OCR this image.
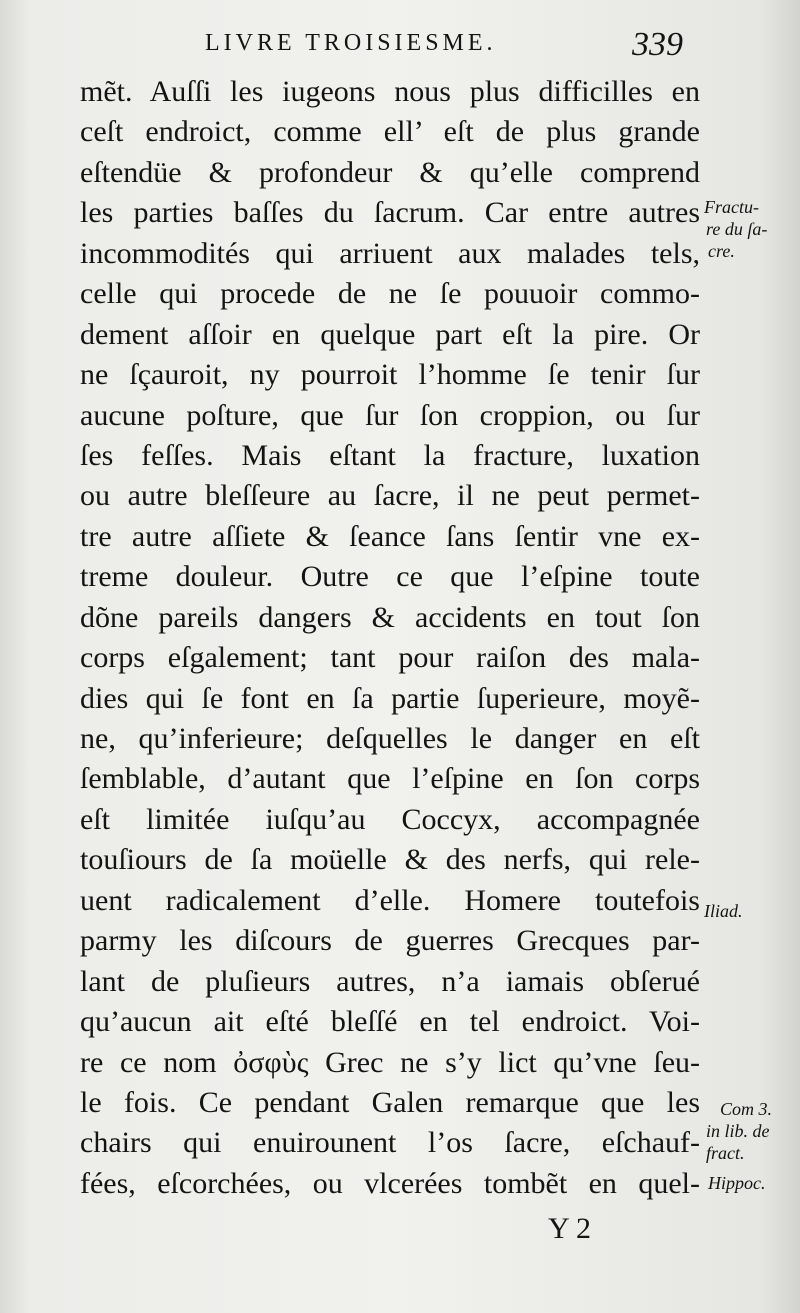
LIVRE TROISIESME.	339
mẽt. Auſſi les iugeons nous plus difficilles en
ceſt endroict, comme ell’ eſt de plus grande
eſtendüe & profondeur & qu’elle comprend
les parties baſſes du ſacrum. Car entre autres
incommodités qui arriuent aux malades tels,
celle qui procede de ne ſe pouuoir commo-
dement aſſoir en quelque part eſt la pire. Or
ne ſçauroit, ny pourroit l’homme ſe tenir ſur
aucune poſture, que ſur ſon croppion, ou ſur
ſes feſſes. Mais eſtant la fracture, luxation
ou autre bleſſeure au ſacre, il ne peut permet-
tre autre aſſiete & ſeance ſans ſentir vne ex-
treme douleur. Outre ce que l’eſpine toute
dõne pareils dangers & accidents en tout ſon
corps eſgalement; tant pour raiſon des mala-
dies qui ſe font en ſa partie ſuperieure, moyẽ-
ne, qu’inferieure; deſquelles le danger en eſt
ſemblable, d’autant que l’eſpine en ſon corps
eſt limitée iuſqu’au Coccyx, accompagnée
touſiours de ſa moüelle & des nerfs, qui rele-
uent radicalement d’elle. Homere toutefois
parmy les diſcours de guerres Grecques par-
lant de pluſieurs autres, n’a iamais obſerué
qu’aucun ait eſté bleſſé en tel endroict. Voi-
re ce nom ὀσφὺς Grec ne s’y lict qu’vne ſeu-
le fois. Ce pendant Galen remarque que les
chairs qui enuirounent l’os ſacre, eſchauf-
fées, eſcorchées, ou vlcerées tombẽt en quel-
Fractu-
re du ſa-
cre.
Iliad.
Com 3.
in lib. de
fract.
Hippoc.
Y 2
